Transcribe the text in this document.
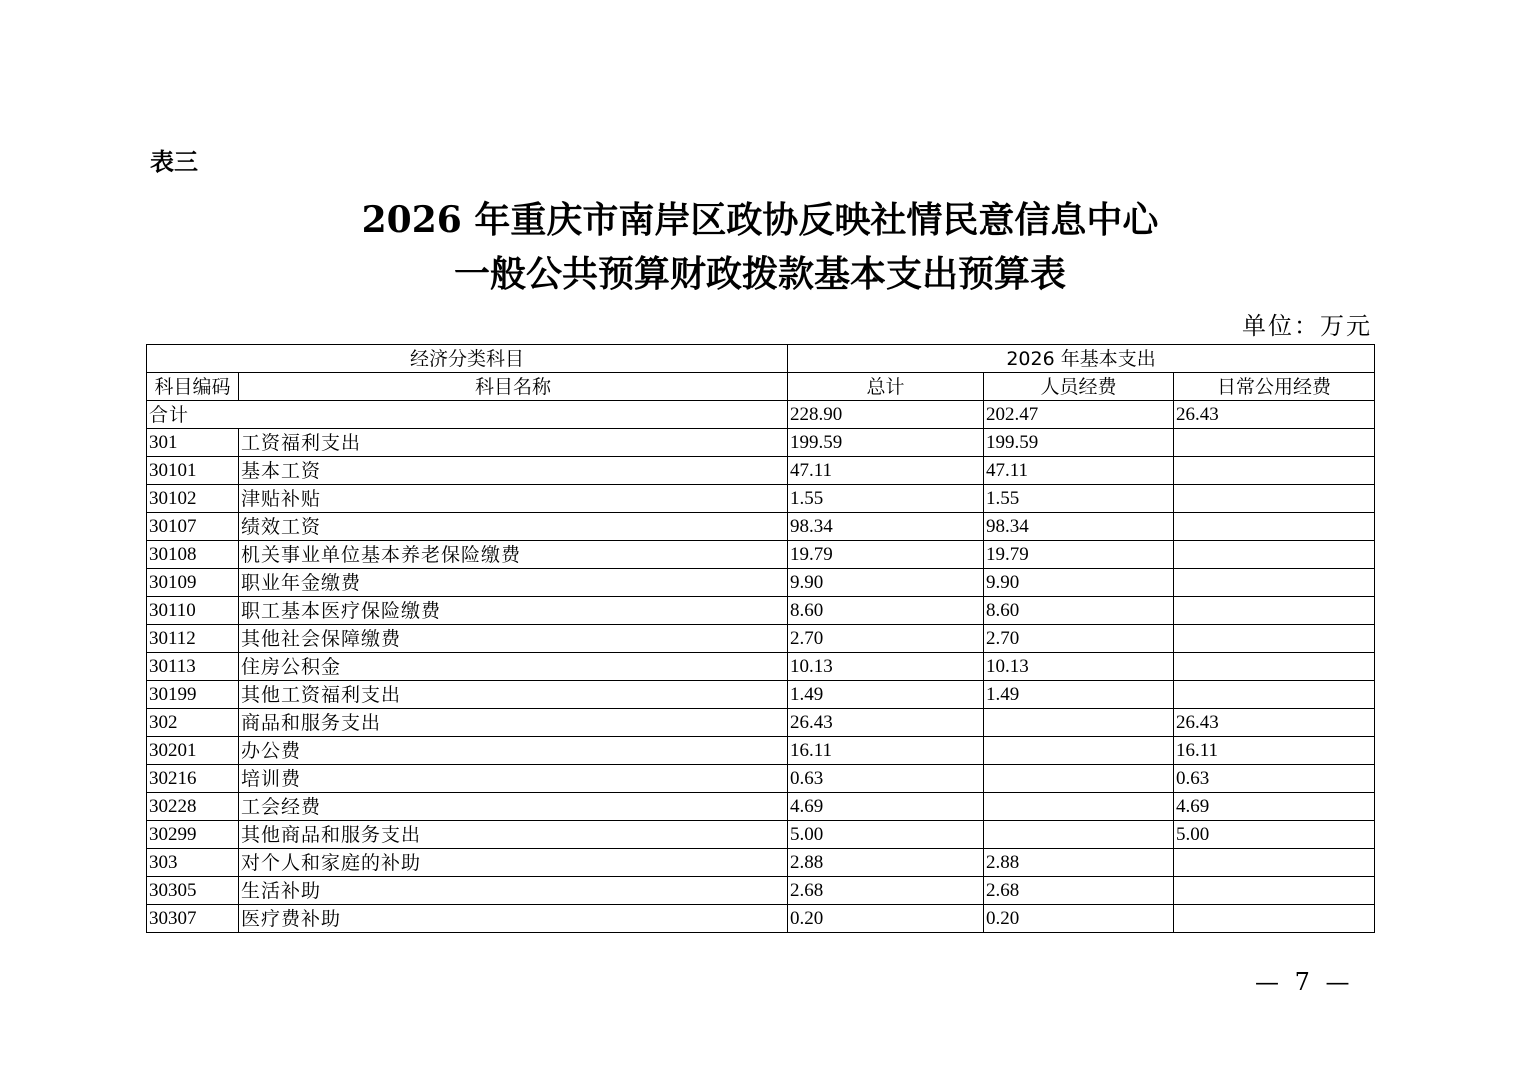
表三
2026 年重庆市南岸区政协反映社情民意信息中心
一般公共预算财政拨款基本支出预算表
单位：万元
经济分类科目		2026 年基本支出		
科目编码	科目名称	总计	人员经费	日常公用经费
合计		228.90	202.47	26.43
301	工资福利支出	199.59	199.59	
30101	基本工资	47.11	47.11	
30102	津贴补贴	1.55	1.55	
30107	绩效工资	98.34	98.34	
30108	机关事业单位基本养老保险缴费	19.79	19.79	
30109	职业年金缴费	9.90	9.90	
30110	职工基本医疗保险缴费	8.60	8.60	
30112	其他社会保障缴费	2.70	2.70	
30113	住房公积金	10.13	10.13	
30199	其他工资福利支出	1.49	1.49	
302	商品和服务支出	26.43		26.43
30201	办公费	16.11		16.11
30216	培训费	0.63		0.63
30228	工会经费	4.69		4.69
30299	其他商品和服务支出	5.00		5.00
303	对个人和家庭的补助	2.88	2.88	
30305	生活补助	2.68	2.68	
30307	医疗费补助	0.20	0.20	
— 7 —
